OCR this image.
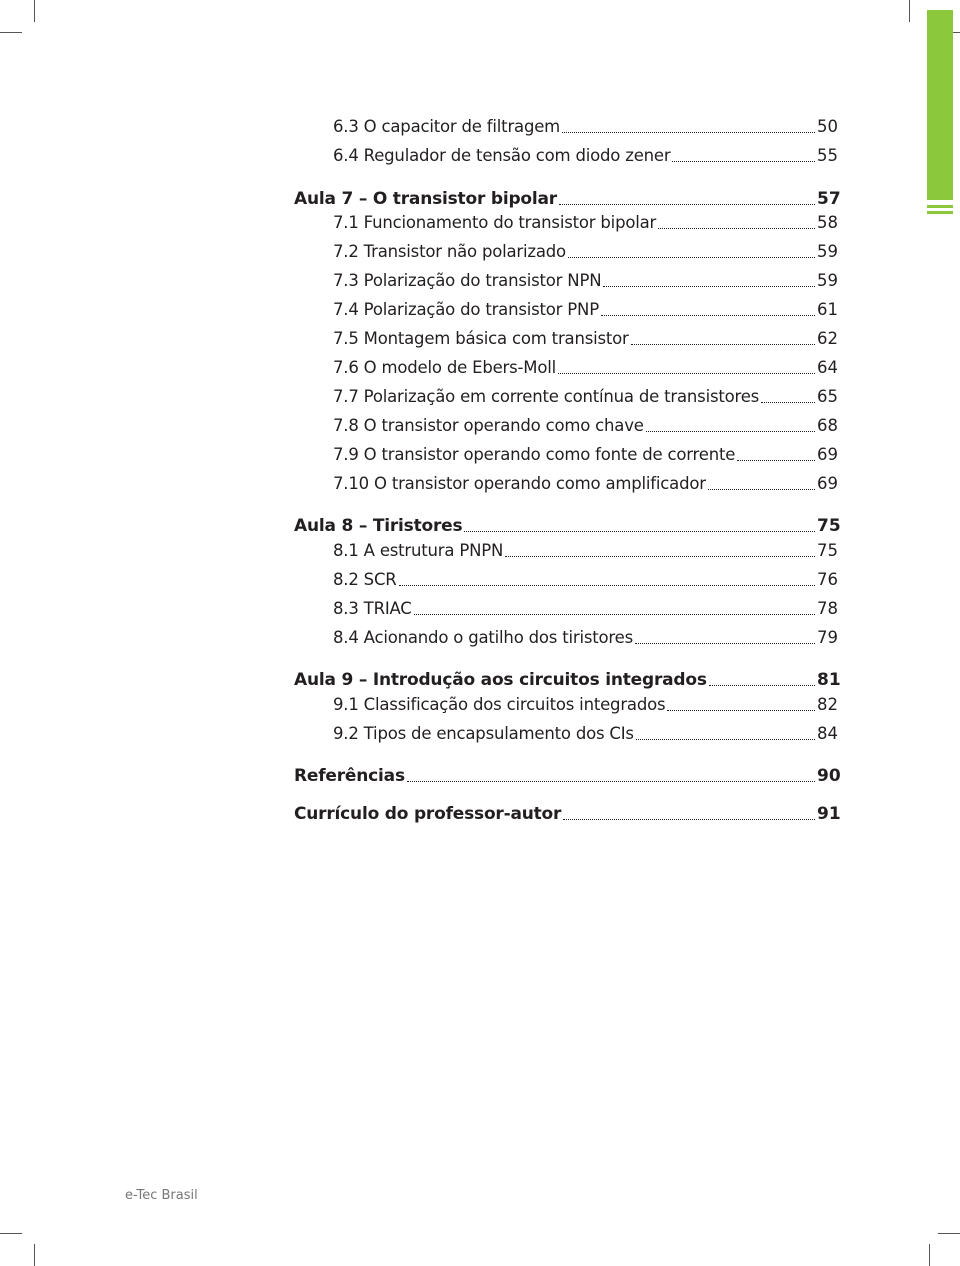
6.3 O capacitor de filtragem	50
6.4 Regulador de tensão com diodo zener	55
Aula 7 – O transistor bipolar	57
7.1 Funcionamento do transistor bipolar	58
7.2 Transistor não polarizado	59
7.3 Polarização do transistor NPN	59
7.4 Polarização do transistor PNP	61
7.5 Montagem básica com transistor	62
7.6 O modelo de Ebers-Moll	64
7.7 Polarização em corrente contínua de transistores	65
7.8 O transistor operando como chave	68
7.9 O transistor operando como fonte de corrente	69
7.10 O transistor operando como amplificador	69
Aula 8 – Tiristores	75
8.1 A estrutura PNPN	75
8.2 SCR	76
8.3 TRIAC	78
8.4 Acionando o gatilho dos tiristores	79
Aula 9 – Introdução aos circuitos integrados	81
9.1 Classificação dos circuitos integrados	82
9.2 Tipos de encapsulamento dos CIs	84
Referências	90
Currículo do professor-autor	91
e-Tec Brasil
